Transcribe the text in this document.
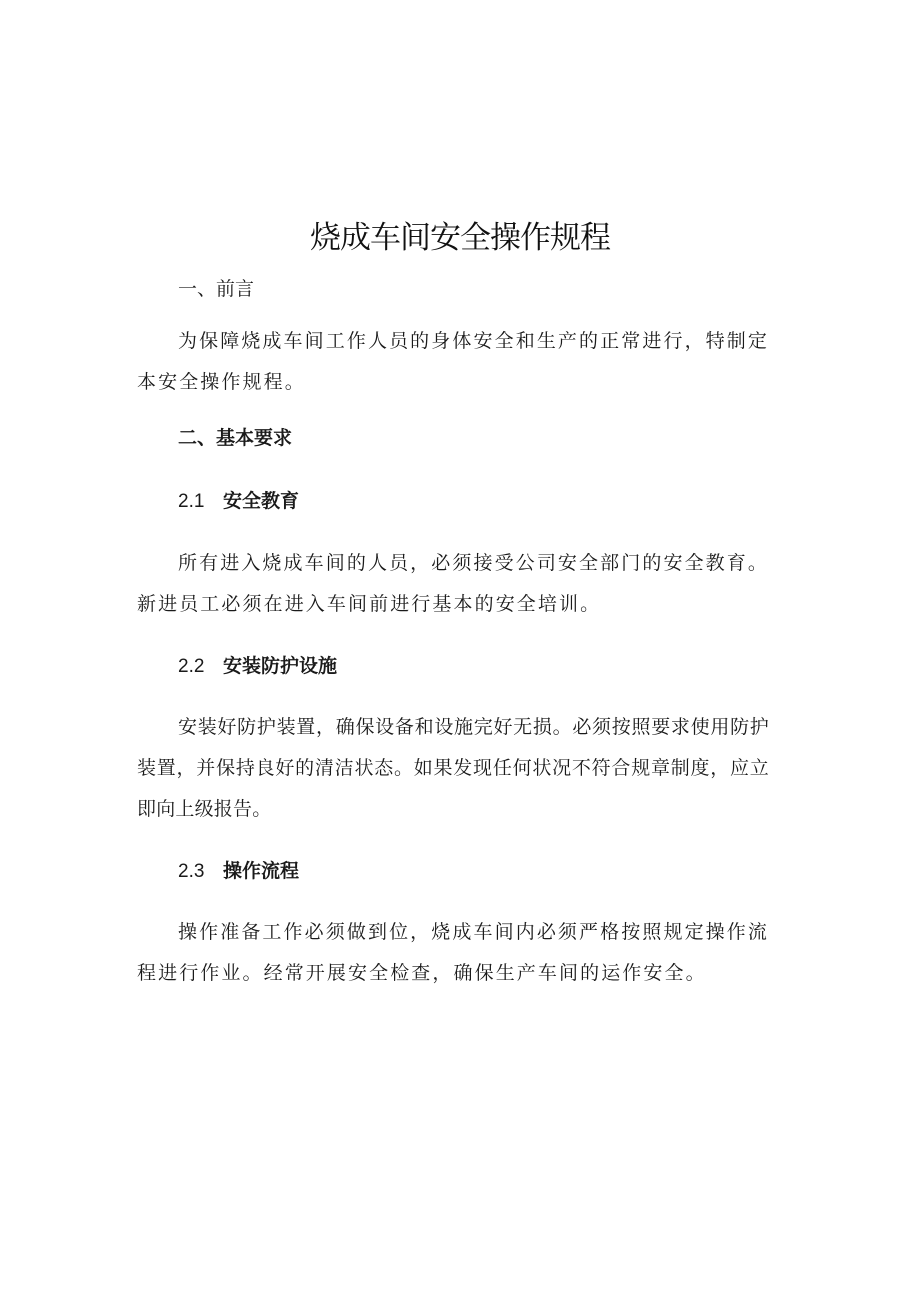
烧成车间安全操作规程

一、前言

为保障烧成车间工作人员的身体安全和生产的正常进行，特制定本安全操作规程。

二、基本要求

2.1 安全教育

所有进入烧成车间的人员，必须接受公司安全部门的安全教育。新进员工必须在进入车间前进行基本的安全培训。

2.2 安装防护设施

安装好防护装置，确保设备和设施完好无损。必须按照要求使用防护装置，并保持良好的清洁状态。如果发现任何状况不符合规章制度，应立即向上级报告。

2.3 操作流程

操作准备工作必须做到位，烧成车间内必须严格按照规定操作流程进行作业。经常开展安全检查，确保生产车间的运作安全。
